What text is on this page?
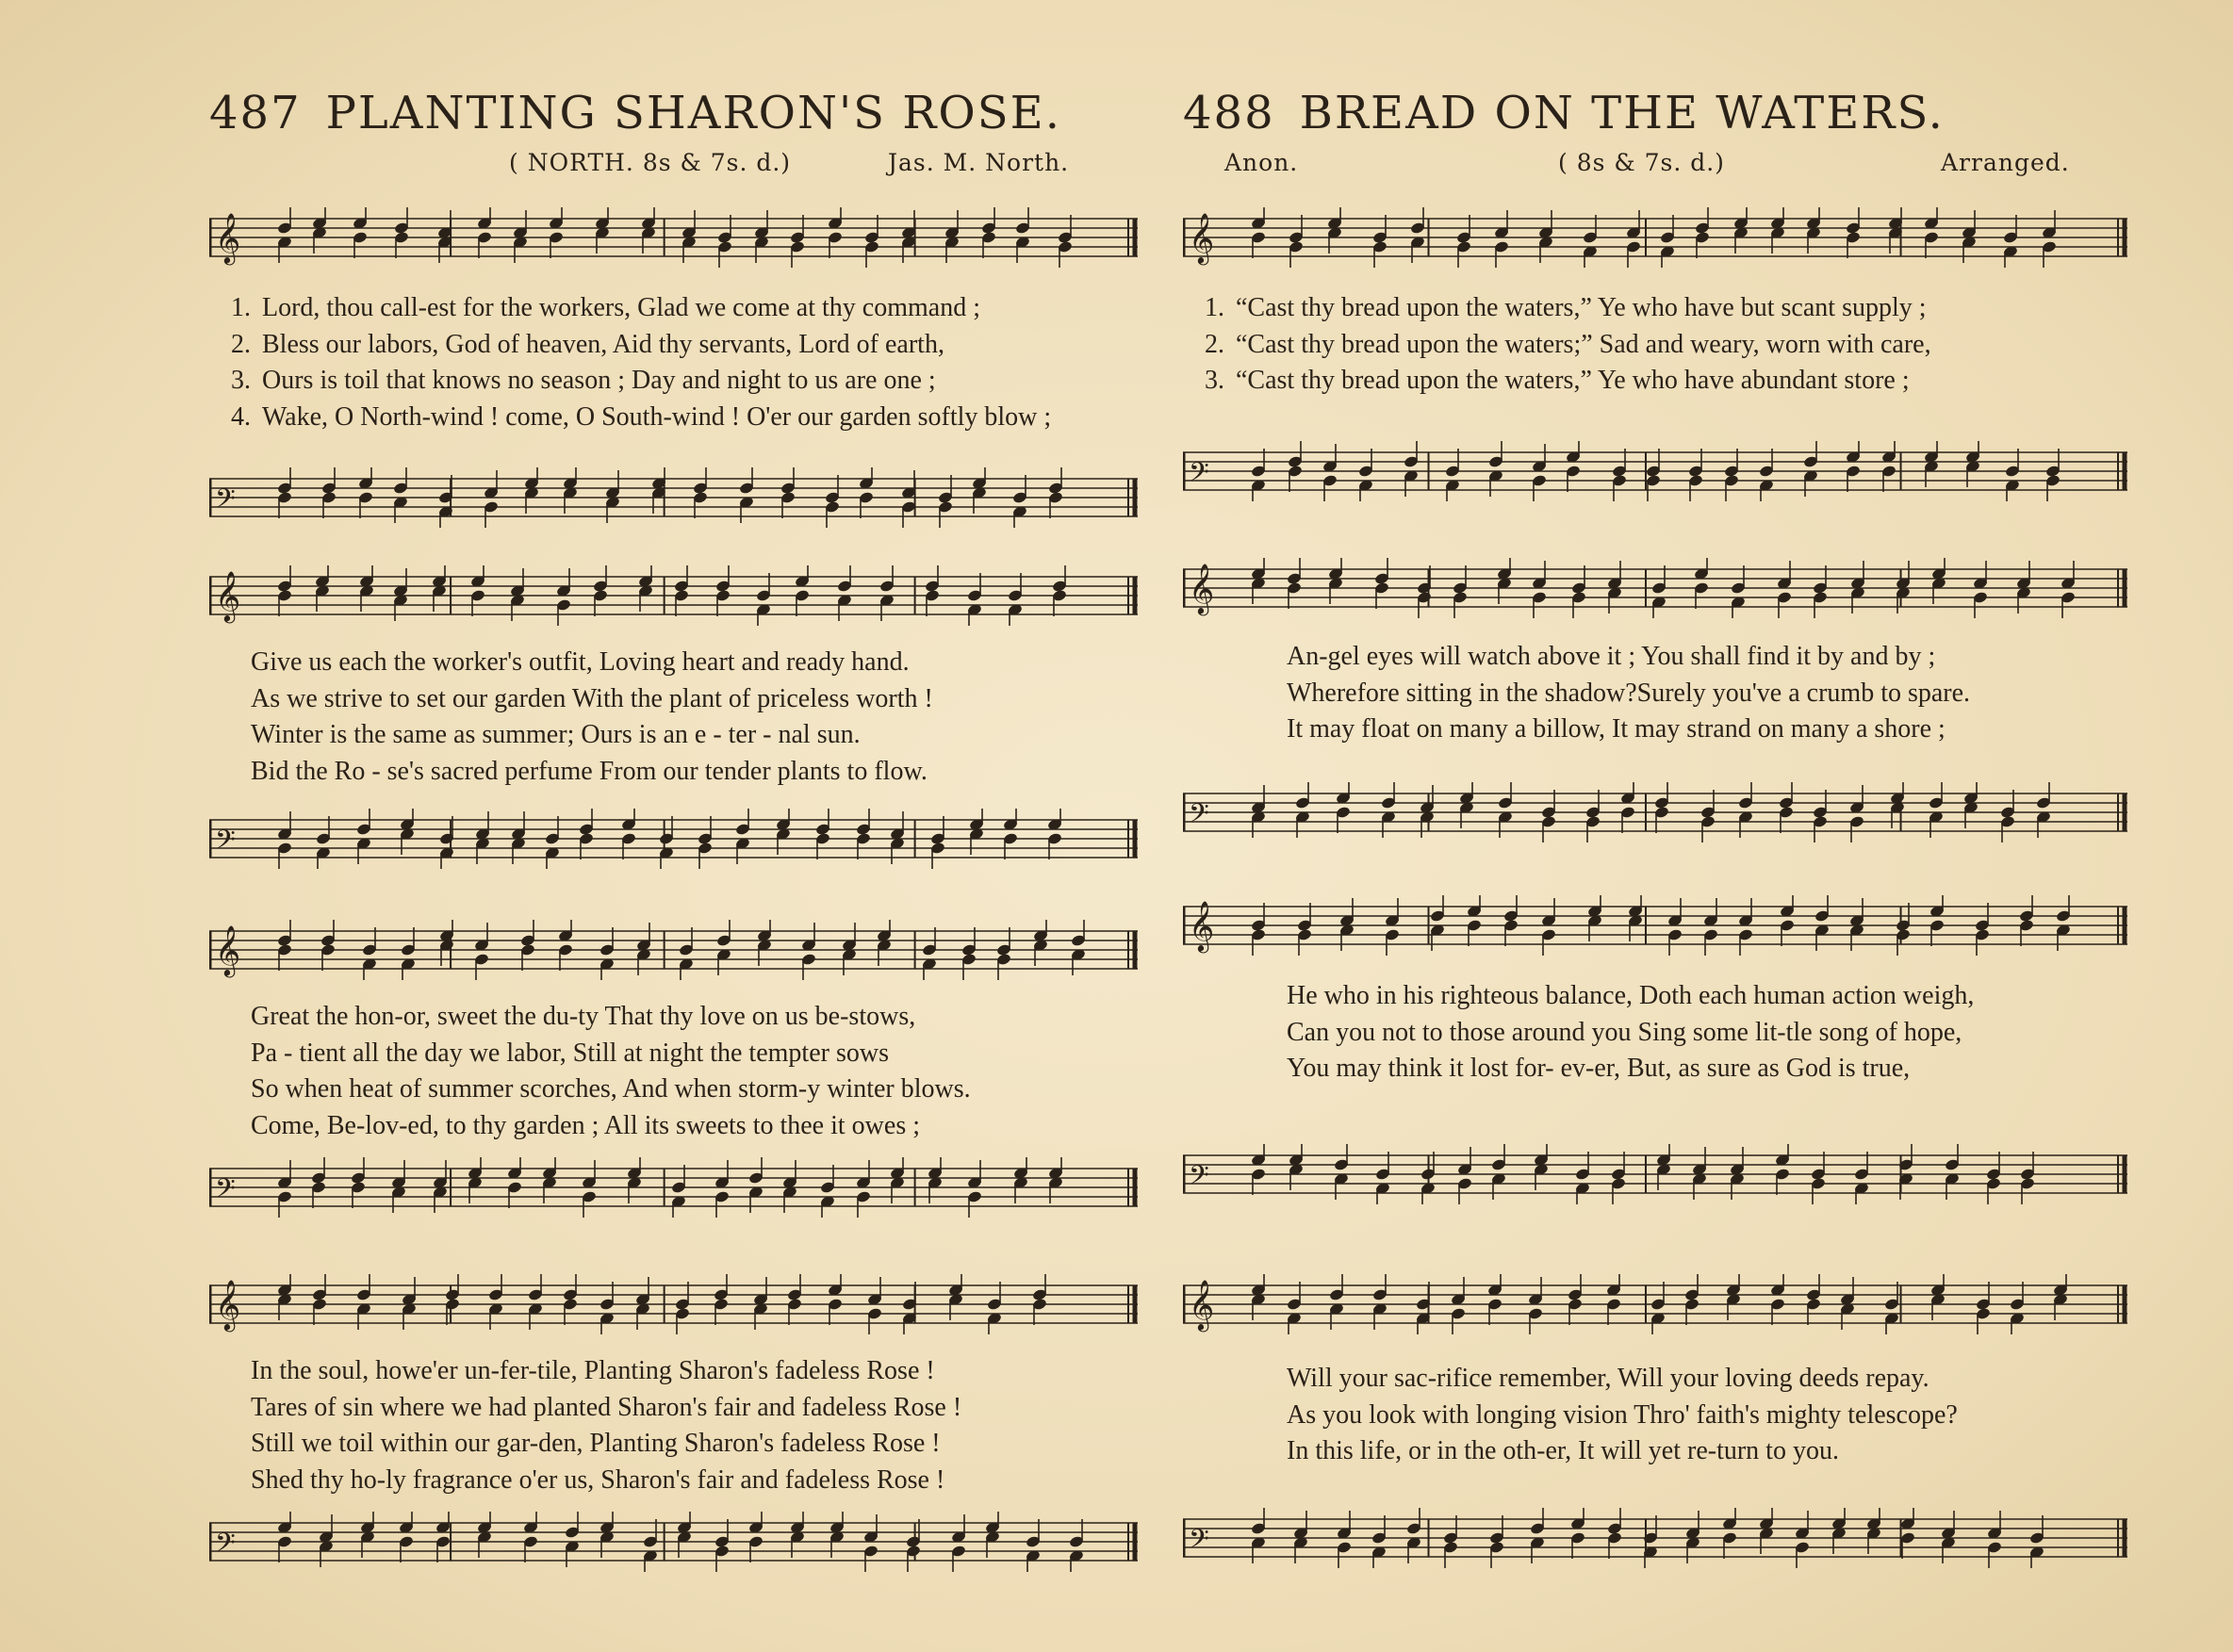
487 PLANTING SHARON'S ROSE.
( NORTH. 8s & 7s. d.)	Jas. M. North.
𝄞
1. Lord, thou call-est for the workers, Glad we come at thy command ;
2. Bless our labors, God of heaven, Aid thy servants, Lord of earth,
3. Ours is toil that knows no season ; Day and night to us are one ;
4. Wake, O North-wind ! come, O South-wind ! O'er our garden softly blow ;
𝄢
𝄞
Give us each the worker's outfit, Loving heart and ready hand.
As we strive to set our garden With the plant of priceless worth !
Winter is the same as summer; Ours is an e - ter - nal sun.
Bid the Ro - se's sacred perfume From our tender plants to flow.
𝄢
𝄞
Great the hon-or, sweet the du-ty That thy love on us be-stows,
Pa - tient all the day we labor, Still at night the tempter sows
So when heat of summer scorches, And when storm-y winter blows.
Come, Be-lov-ed, to thy garden ; All its sweets to thee it owes ;
𝄢
𝄞
In the soul, howe'er un-fer-tile, Planting Sharon's fadeless Rose !
Tares of sin where we had planted Sharon's fair and fadeless Rose !
Still we toil within our gar-den, Planting Sharon's fadeless Rose !
Shed thy ho-ly fragrance o'er us, Sharon's fair and fadeless Rose !
𝄢
488 BREAD ON THE WATERS.
Anon.	( 8s & 7s. d.)	Arranged.
𝄞
1. “Cast thy bread upon the waters,” Ye who have but scant supply ;
2. “Cast thy bread upon the waters;” Sad and weary, worn with care,
3. “Cast thy bread upon the waters,” Ye who have abundant store ;
𝄢
𝄞
An-gel eyes will watch above it ; You shall find it by and by ;
Wherefore sitting in the shadow?Surely you've a crumb to spare.
It may float on many a billow, It may strand on many a shore ;
𝄢
𝄞
He who in his righteous balance, Doth each human action weigh,
Can you not to those around you Sing some lit-tle song of hope,
You may think it lost for- ev-er, But, as sure as God is true,
𝄢
𝄞
Will your sac-rifice remember, Will your loving deeds repay.
As you look with longing vision Thro' faith's mighty telescope?
In this life, or in the oth-er, It will yet re-turn to you.
𝄢
